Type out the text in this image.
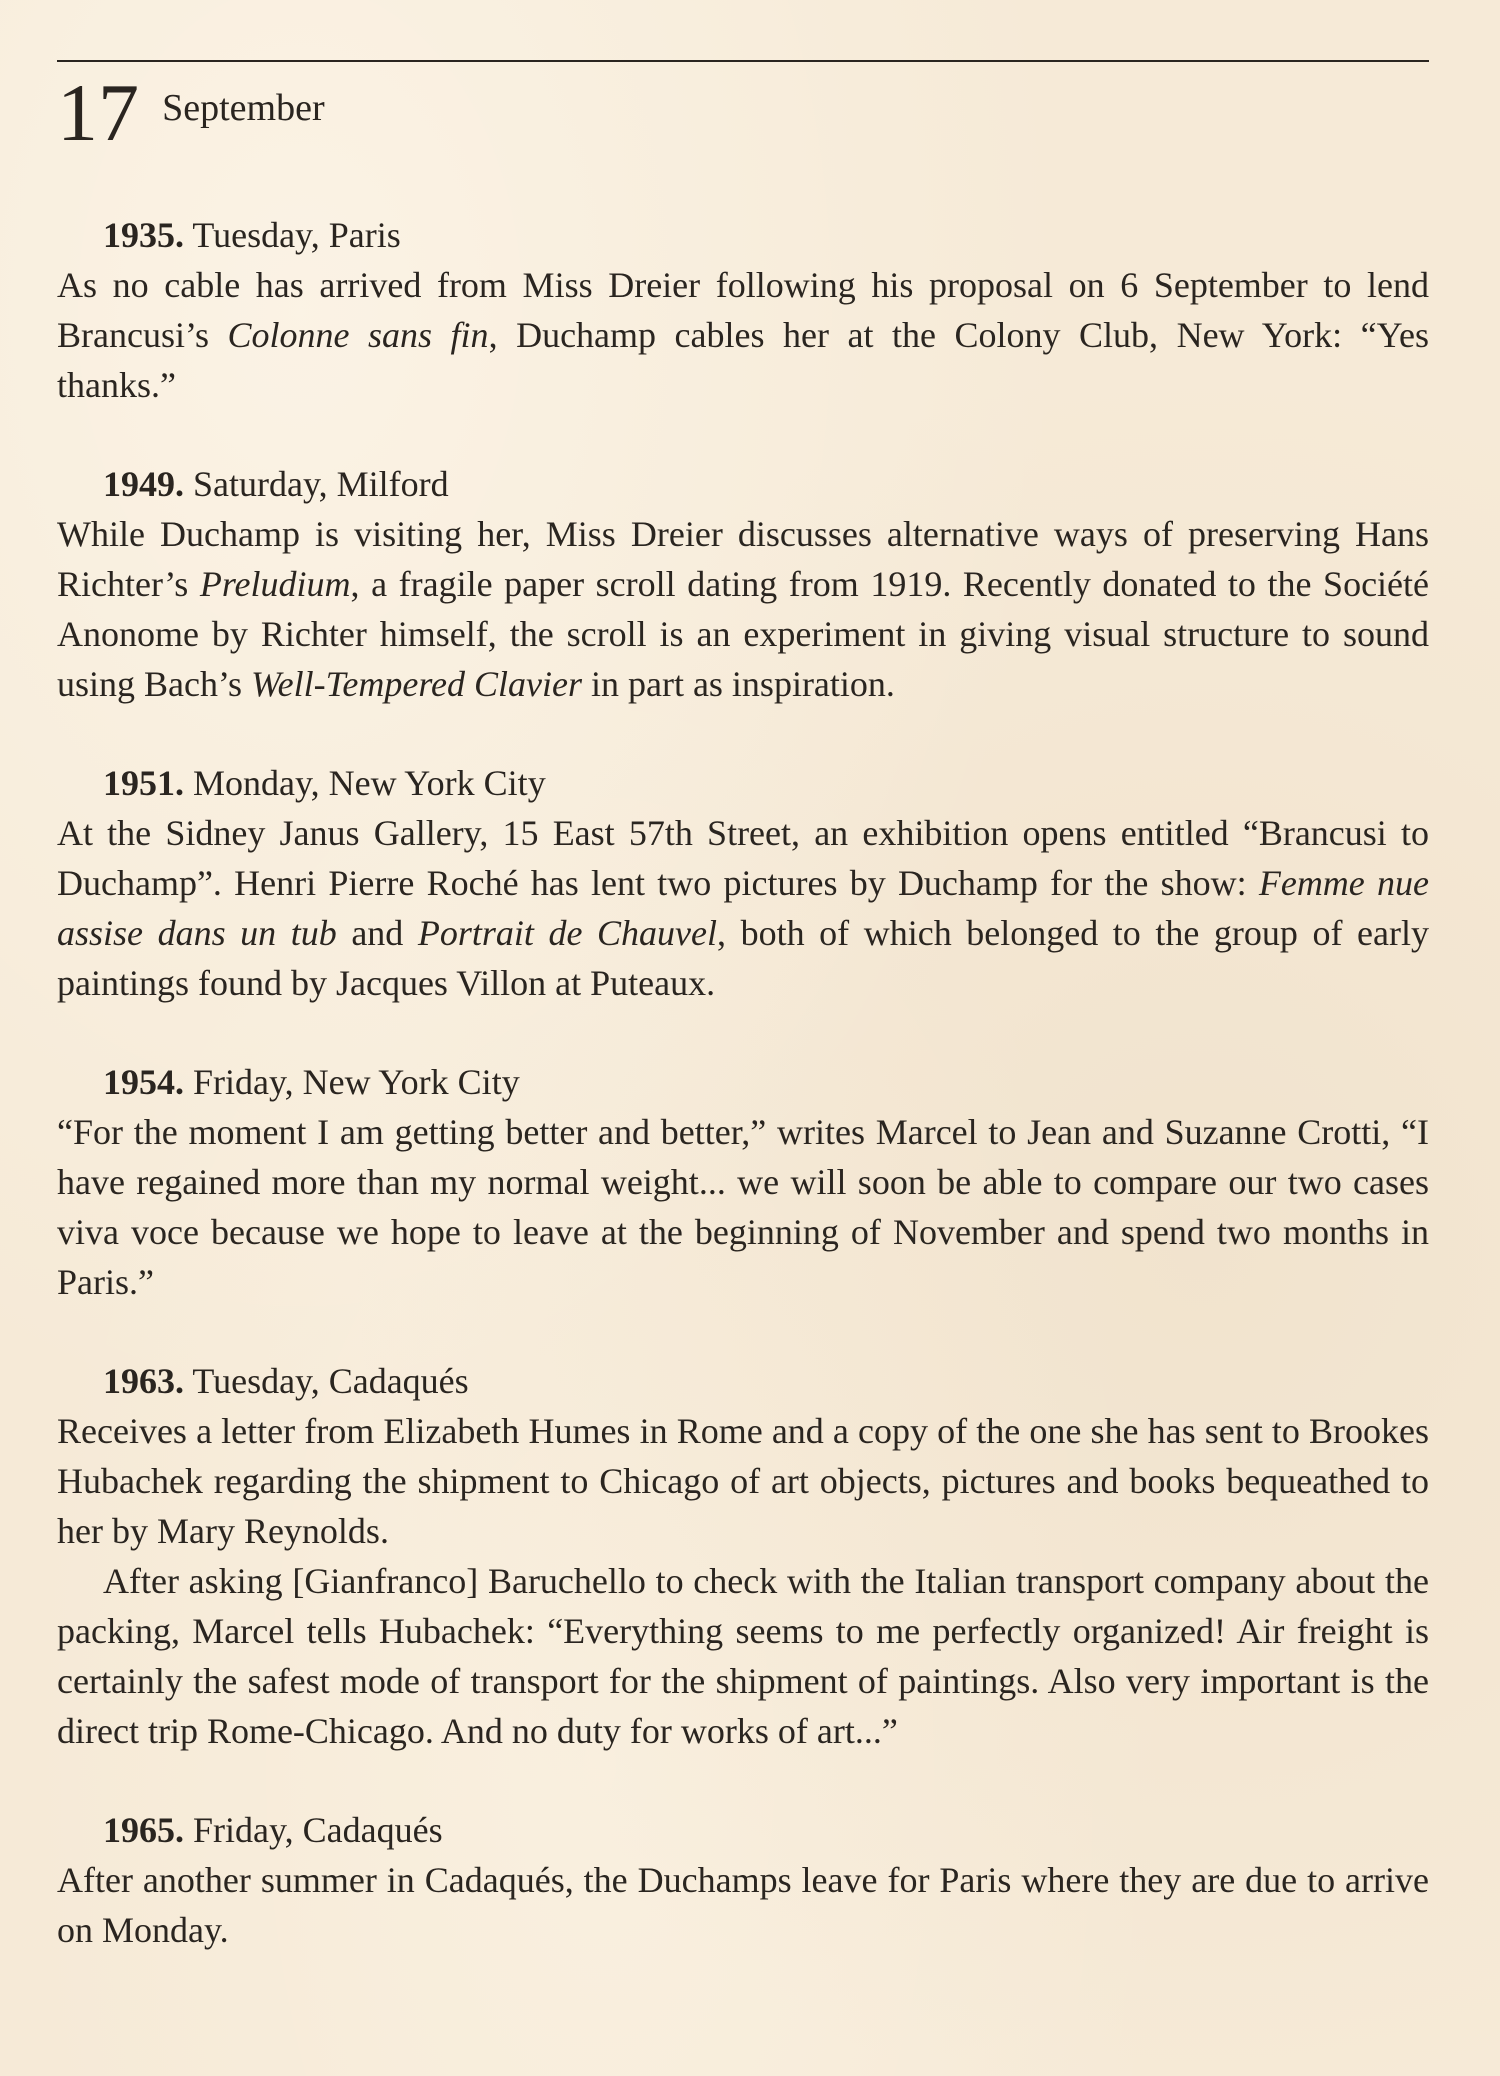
17 September
1935. Tuesday, Paris

As no cable has arrived from Miss Dreier following his proposal on 6 September to lend Brancusi’s Colonne sans fin, Duchamp cables her at the Colony Club, New York: “Yes thanks.”

1949. Saturday, Milford

While Duchamp is visiting her, Miss Dreier discusses alternative ways of preserving Hans Richter’s Preludium, a fragile paper scroll dating from 1919. Recently donated to the Société Anonome by Richter himself, the scroll is an experiment in giving visual structure to sound using Bach’s Well-Tempered Clavier in part as inspiration.

1951. Monday, New York City

At the Sidney Janus Gallery, 15 East 57th Street, an exhibition opens entitled “Brancusi to Duchamp”. Henri Pierre Roché has lent two pictures by Duchamp for the show: Femme nue assise dans un tub and Portrait de Chauvel, both of which belonged to the group of early paintings found by Jacques Villon at Puteaux.

1954. Friday, New York City

“For the moment I am getting better and better,” writes Marcel to Jean and Suzanne Crotti, “I have regained more than my normal weight... we will soon be able to compare our two cases viva voce because we hope to leave at the beginning of November and spend two months in Paris.”

1963. Tuesday, Cadaqués

Receives a letter from Elizabeth Humes in Rome and a copy of the one she has sent to Brookes Hubachek regarding the shipment to Chicago of art objects, pictures and books bequeathed to her by Mary Reynolds.

After asking [Gianfranco] Baruchello to check with the Italian transport company about the packing, Marcel tells Hubachek: “Everything seems to me perfectly organized! Air freight is certainly the safest mode of transport for the shipment of paintings. Also very important is the direct trip Rome-Chicago. And no duty for works of art...”

1965. Friday, Cadaqués

After another summer in Cadaqués, the Duchamps leave for Paris where they are due to arrive on Monday.
